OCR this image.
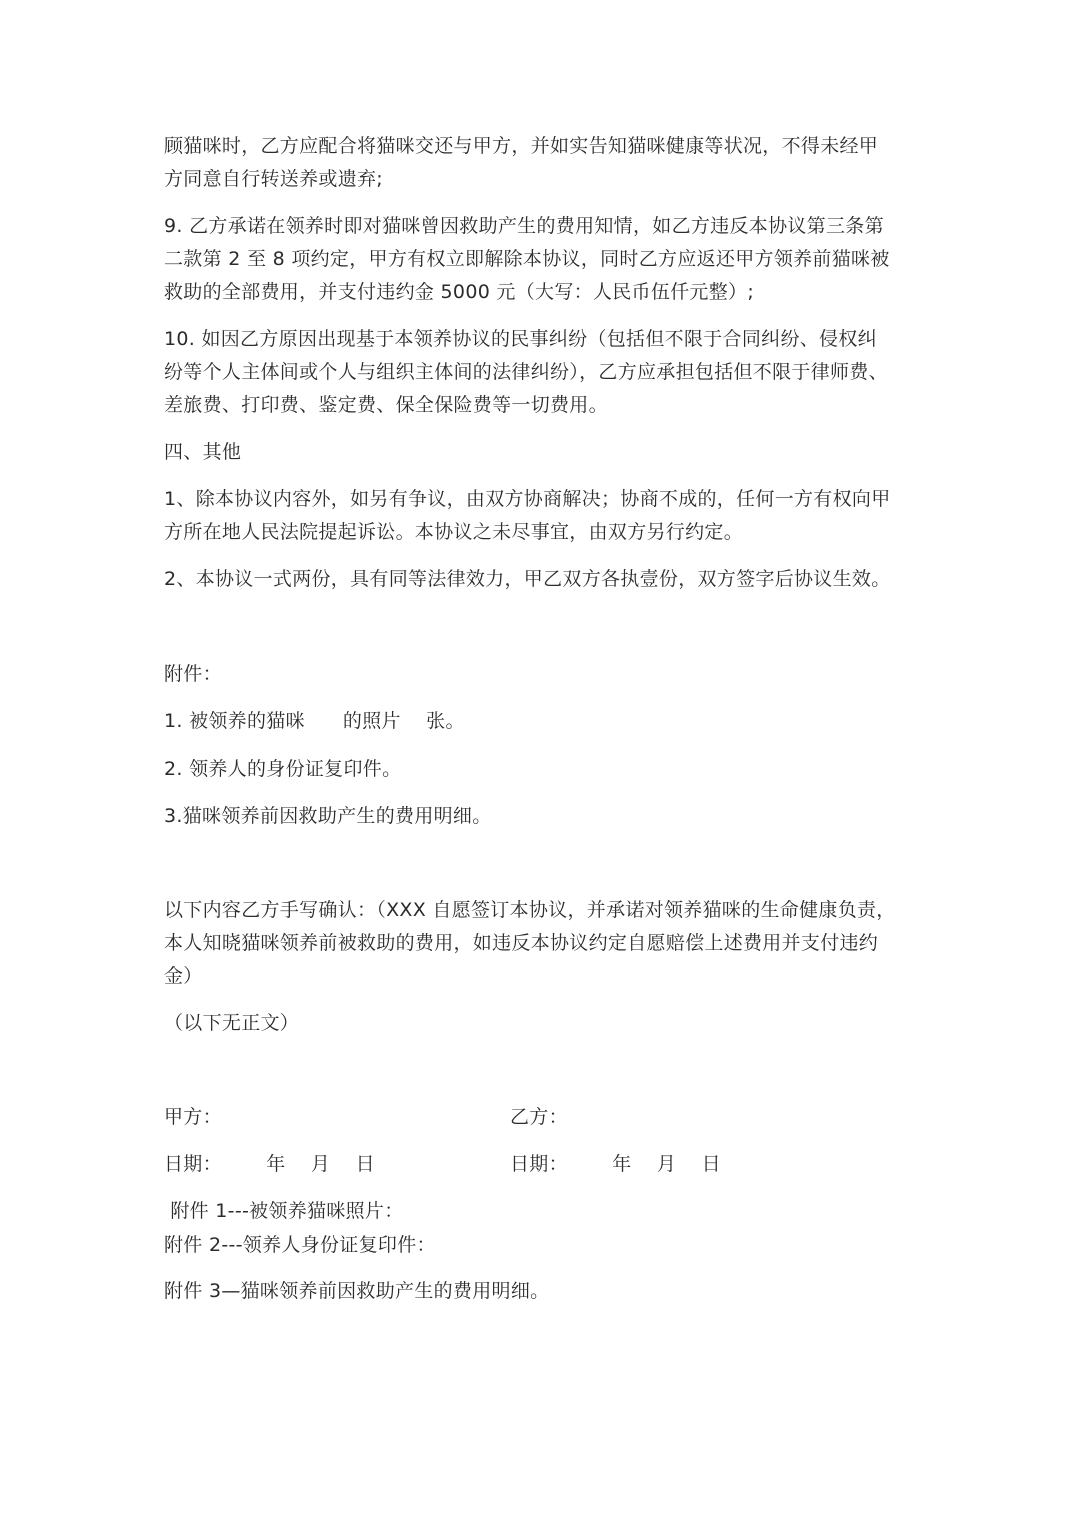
顾猫咪时，乙方应配合将猫咪交还与甲方，并如实告知猫咪健康等状况，不得未经甲
方同意自行转送养或遗弃;
9. 乙方承诺在领养时即对猫咪曾因救助产生的费用知情，如乙方违反本协议第三条第
二款第 2 至 8 项约定，甲方有权立即解除本协议，同时乙方应返还甲方领养前猫咪被
救助的全部费用，并支付违约金 5000 元（大写：人民币伍仟元整）;
10. 如因乙方原因出现基于本领养协议的民事纠纷（包括但不限于合同纠纷、侵权纠
纷等个人主体间或个人与组织主体间的法律纠纷），乙方应承担包括但不限于律师费、
差旅费、打印费、鉴定费、保全保险费等一切费用。
四、其他
1、除本协议内容外，如另有争议，由双方协商解决；协商不成的，任何一方有权向甲
方所在地人民法院提起诉讼。本协议之未尽事宜，由双方另行约定。
2、本协议一式两份，具有同等法律效力，甲乙双方各执壹份，双方签字后协议生效。
附件：
1. 被领养的猫咪      的照片    张。
2. 领养人的身份证复印件。
3.猫咪领养前因救助产生的费用明细。
以下内容乙方手写确认：（XXX 自愿签订本协议，并承诺对领养猫咪的生命健康负责，
本人知晓猫咪领养前被救助的费用，如违反本协议约定自愿赔偿上述费用并支付违约
金）
（以下无正文）
甲方：	乙方：
日期：       年    月    日	日期：       年    月    日
附件 1---被领养猫咪照片：
附件 2---领养人身份证复印件：
附件 3—猫咪领养前因救助产生的费用明细。
